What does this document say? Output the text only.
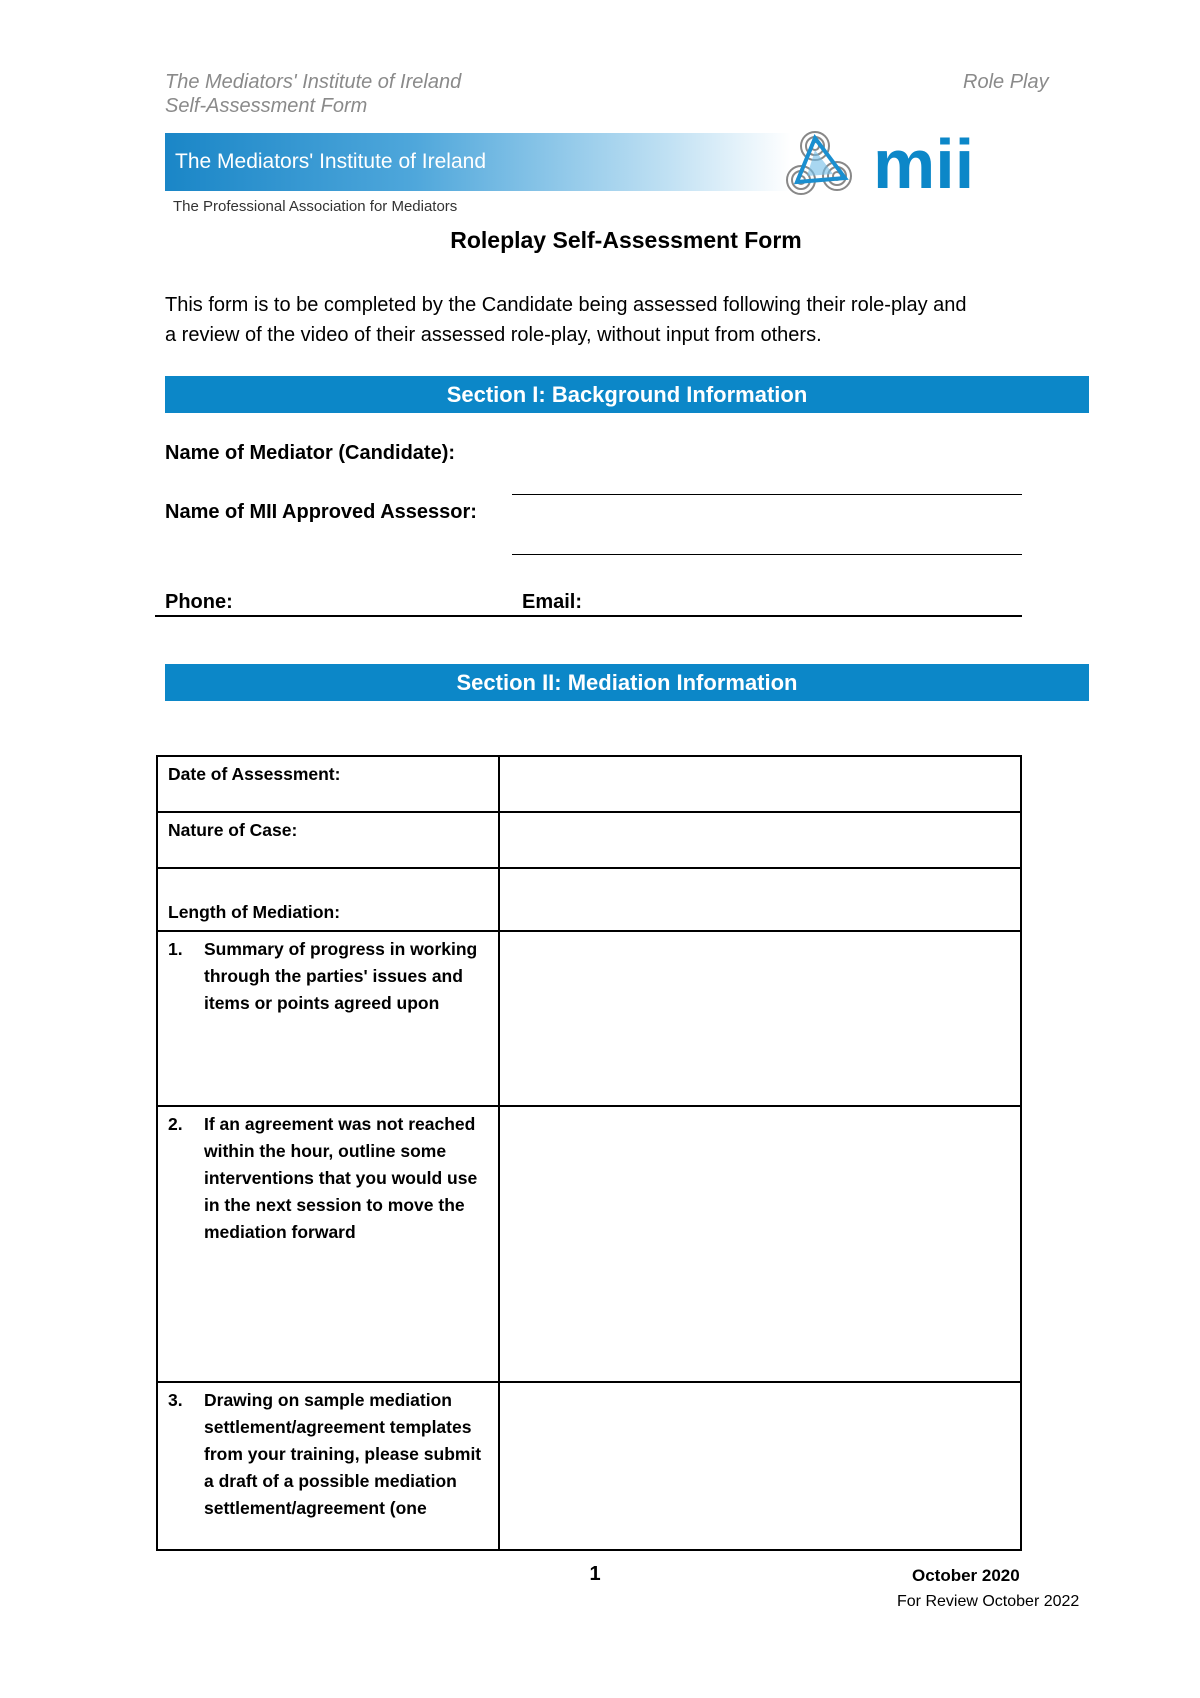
The Mediators' Institute of Ireland
Self-Assessment Form
Role Play
The Mediators' Institute of Ireland
The Professional Association for Mediators
mii
Roleplay Self-Assessment Form
This form is to be completed by the Candidate being assessed following their role-play and
a review of the video of their assessed role-play, without input from others.
Section I: Background Information
Name of Mediator (Candidate):
Name of MII Approved Assessor:
Phone:	Email:
Section II: Mediation Information
Date of Assessment:	

Nature of Case:	

Length of Mediation:	

1. Summary of progress in working through the parties' issues and items or points agreed upon	

2. If an agreement was not reached within the hour, outline some interventions that you would use in the next session to move the mediation forward	

3. Drawing on sample mediation settlement/agreement templates from your training, please submit a draft of a possible mediation settlement/agreement (one	

1	October 2020
For Review October 2022
